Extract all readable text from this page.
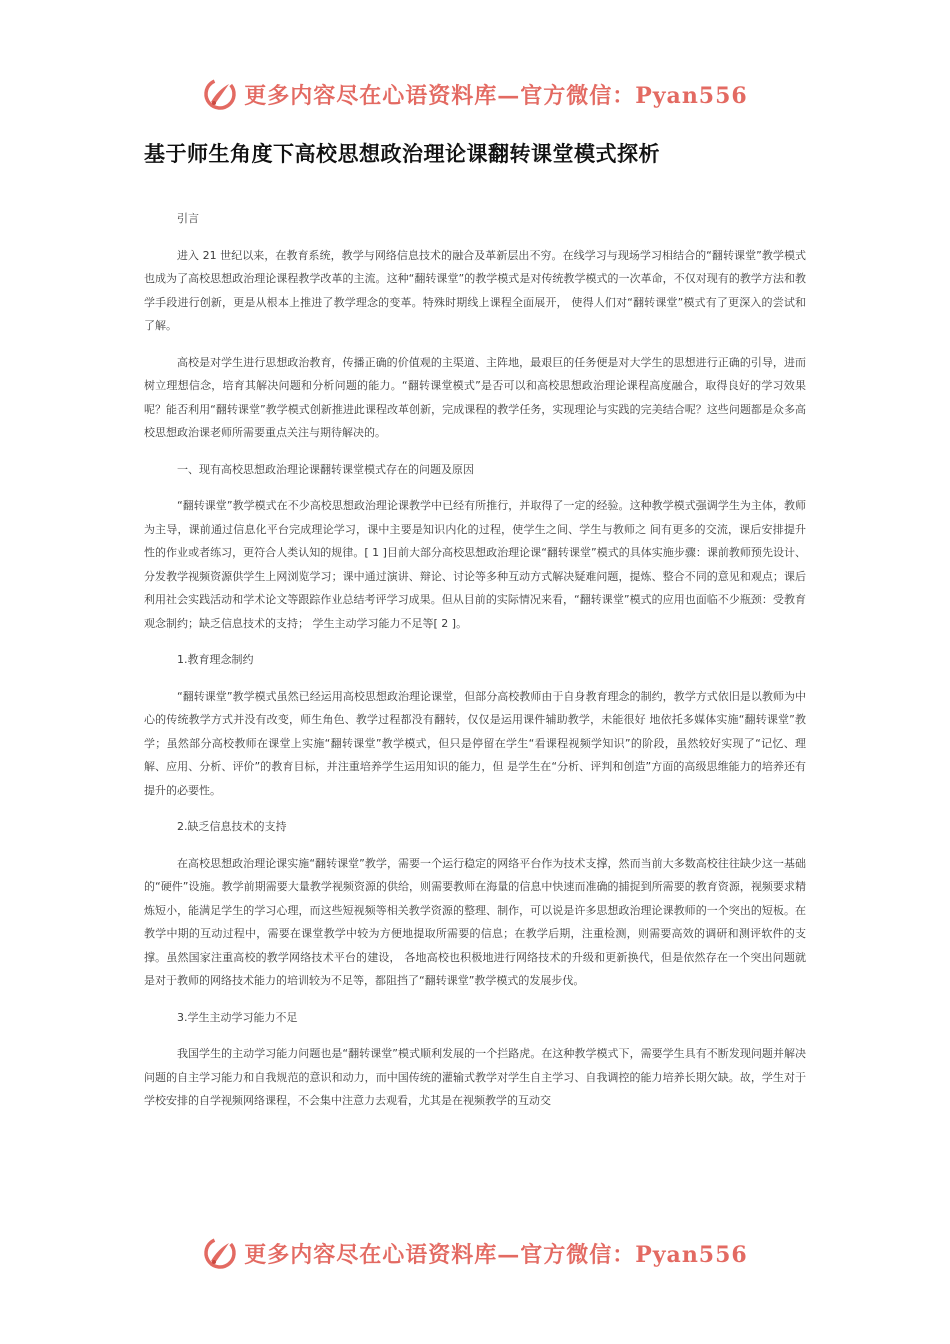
更多内容尽在心语资料库—官方微信：Pyan556
基于师生角度下高校思想政治理论课翻转课堂模式探析

引言

进入 21 世纪以来，在教育系统，教学与网络信息技术的融合及革新层出不穷。在线学习与现场学习相结合的“翻转课堂”教学模式也成为了高校思想政治理论课程教学改革的主流。这种“翻转课堂”的教学模式是对传统教学模式的一次革命，不仅对现有的教学方法和教学手段进行创新，更是从根本上推进了教学理念的变革。特殊时期线上课程全面展开， 使得人们对“翻转课堂”模式有了更深入的尝试和了解。

高校是对学生进行思想政治教育，传播正确的价值观的主渠道、主阵地，最艰巨的任务便是对大学生的思想进行正确的引导，进而树立理想信念，培育其解决问题和分析问题的能力。“翻转课堂模式”是否可以和高校思想政治理论课程高度融合，取得良好的学习效果呢？能否利用“翻转课堂”教学模式创新推进此课程改革创新，完成课程的教学任务，实现理论与实践的完美结合呢？这些问题都是众多高校思想政治课老师所需要重点关注与期待解决的。

一、现有高校思想政治理论课翻转课堂模式存在的问题及原因

“翻转课堂”教学模式在不少高校思想政治理论课教学中已经有所推行，并取得了一定的经验。这种教学模式强调学生为主体，教师为主导，课前通过信息化平台完成理论学习，课中主要是知识内化的过程，使学生之间、学生与教师之 间有更多的交流，课后安排提升性的作业或者练习，更符合人类认知的规律。[ 1 ]目前大部分高校思想政治理论课“翻转课堂”模式的具体实施步骤：课前教师预先设计、分发教学视频资源供学生上网浏览学习；课中通过演讲、辩论、讨论等多种互动方式解决疑难问题，提炼、整合不同的意见和观点；课后利用社会实践活动和学术论文等跟踪作业总结考评学习成果。但从目前的实际情况来看，“翻转课堂”模式的应用也面临不少瓶颈：受教育观念制约；缺乏信息技术的支持； 学生主动学习能力不足等[ 2 ]。

1.教育理念制约

“翻转课堂”教学模式虽然已经运用高校思想政治理论课堂，但部分高校教师由于自身教育理念的制约，教学方式依旧是以教师为中心的传统教学方式并没有改变，师生角色、教学过程都没有翻转，仅仅是运用课件辅助教学，未能很好 地依托多媒体实施“翻转课堂”教学；虽然部分高校教师在课堂上实施“翻转课堂”教学模式，但只是停留在学生“看课程视频学知识”的阶段，虽然较好实现了“记忆、理解、应用、分析、评价”的教育目标，并注重培养学生运用知识的能力，但 是学生在“分析、评判和创造”方面的高级思维能力的培养还有提升的必要性。

2.缺乏信息技术的支持

在高校思想政治理论课实施“翻转课堂”教学，需要一个运行稳定的网络平台作为技术支撑，然而当前大多数高校往往缺少这一基础的“硬件”设施。教学前期需要大量教学视频资源的供给，则需要教师在海量的信息中快速而准确的捕捉到所需要的教育资源，视频要求精炼短小，能满足学生的学习心理，而这些短视频等相关教学资源的整理、制作，可以说是许多思想政治理论课教师的一个突出的短板。在教学中期的互动过程中，需要在课堂教学中较为方便地提取所需要的信息；在教学后期，注重检测，则需要高效的调研和测评软件的支撑。虽然国家注重高校的教学网络技术平台的建设， 各地高校也积极地进行网络技术的升级和更新换代，但是依然存在一个突出问题就是对于教师的网络技术能力的培训较为不足等，都阻挡了“翻转课堂”教学模式的发展步伐。

3.学生主动学习能力不足

我国学生的主动学习能力问题也是“翻转课堂”模式顺利发展的一个拦路虎。在这种教学模式下，需要学生具有不断发现问题并解决问题的自主学习能力和自我规范的意识和动力，而中国传统的灌输式教学对学生自主学习、自我调控的能力培养长期欠缺。故，学生对于学校安排的自学视频网络课程，不会集中注意力去观看，尤其是在视频教学的互动交

更多内容尽在心语资料库—官方微信：Pyan556
